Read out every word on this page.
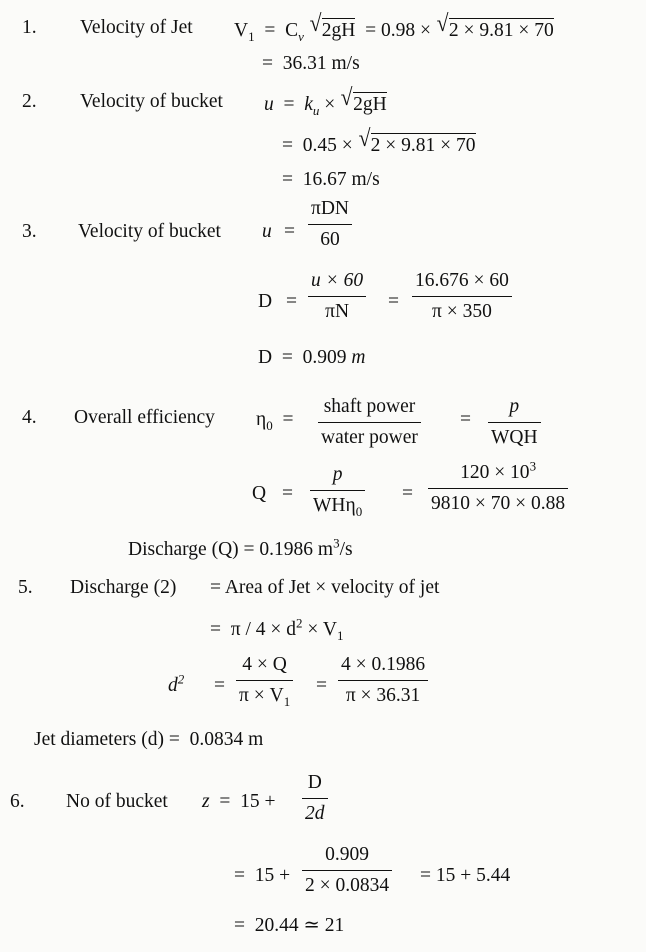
1. Velocity of Jet $V_1 = C_v$ √ 2gH = 0.98 × √ 2 × 9.81 × 70
= 36.31 m/s
2. Velocity of bucket $u = k_u$ × √ 2gH
= 0.45 × √ 2 × 9.81 × 70
= 16.67 m/s
3. Velocity of bucket u =
πDN
60
$D = \frac{u \times 60}{\pi N} = \frac{16.676 \times 60}{\pi \times 350}$
D  =  0.909 m
4. Overall efficiency $\eta_0$  =
shaft power
water power
=
p
WQH
Q =
p
WHη$_0$
= $\frac{120 \times 10^3}{9810 \times 70 \times 0.88}$
Discharge (Q) = 0.1986 $m^3/s$
5. Discharge (2) = Area of Jet × velocity of jet
= $\pi / 4 \times d^2 \times V_1$
$d^2 = \frac{4 \times Q}{\pi \times V_1} = \frac{4 \times 0.1986}{\pi \times 36.31}$
Jet diameters (d) = 0.0834 m
6. No of bucket $z = 15 + \frac{D}{2d}$
=  $15 + \frac{0.909}{2 \times 0.0834} = 15 + 5.44$
= 20.44 ≃ 21
